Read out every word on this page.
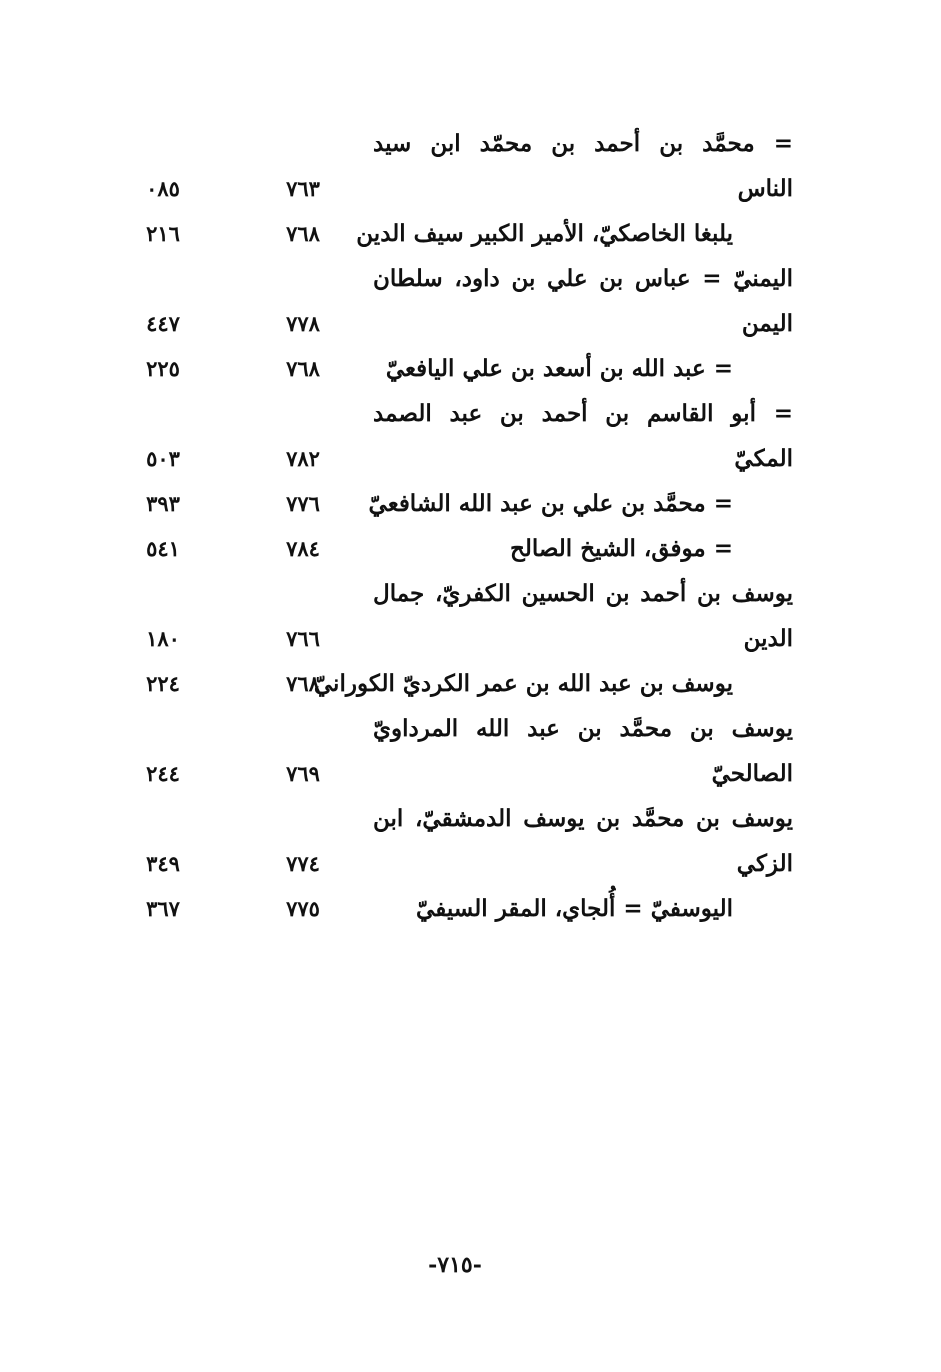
= محمَّد بن أحمد بن محمّد ابن سيد
الناس
٧٦٣
٠٨٥
يلبغا الخاصكيّ، الأمير الكبير سيف الدين
٧٦٨
٢١٦
اليمنيّ = عباس بن علي بن داود، سلطان
اليمن
٧٧٨
٤٤٧
= عبد الله بن أسعد بن علي اليافعيّ
٧٦٨
٢٢٥
= أبو القاسم بن أحمد بن عبد الصمد
المكيّ
٧٨٢
٥٠٣
= محمَّد بن علي بن عبد الله الشافعيّ
٧٧٦
٣٩٣
= موفق، الشيخ الصالح
٧٨٤
٥٤١
يوسف بن أحمد بن الحسين الكفريّ، جمال
الدين
٧٦٦
١٨٠
يوسف بن عبد الله بن عمر الكرديّ الكورانيّ
٧٦٨
٢٢٤
يوسف بن محمَّد بن عبد الله المرداويّ
الصالحيّ
٧٦٩
٢٤٤
يوسف بن محمَّد بن يوسف الدمشقيّ، ابن
الزكي
٧٧٤
٣٤٩
اليوسفيّ = أُلجاي، المقر السيفيّ
٧٧٥
٣٦٧
-٧١٥-
